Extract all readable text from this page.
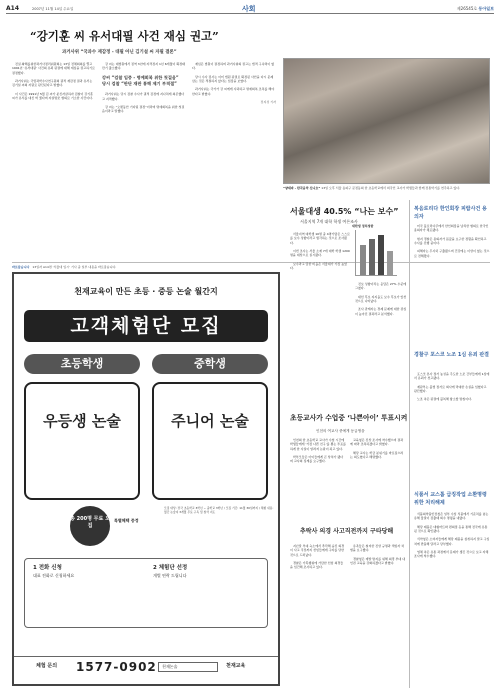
A14	2007년 11월 14일 수요일	사회	제26545호 동아일보
“강기훈 씨 유서대필 사건 재심 권고”
과거사위 “국과수 재감정 - 대필 아닌 김기설 씨 자필 결론”

진실·화해를위한과거사정리위원회는 13일 전체회의를 열고 1991년 ‘유서대필’ 사건의 유죄 판결에 대해 재심을 권고하기로 결정했다.

과거사위는 국립과학수사연구원의 필적 재감정 결과 유서는 김기설 씨의 자필로 판단된다고 밝혔다.

이 사건은 1991년 5월 김 씨가 분신자살하자 검찰이 강기훈 씨가 유서를 대신 써 줬다며 자살방조 혐의로 기소한 사건이다.

강 씨는 대법원에서 징역 3년에 자격정지 1년 6개월이 확정돼 만기 출소했다.

강씨 “검찰 입증 - 명예회복 위한 첫걸음”
당시 검찰 “판단 재판 통해 제기 부적절”

과거사위는 당시 검찰 수사가 필적 감정에 지나치게 의존했다고 지적했다.

강 씨는 “오랫동안 기다린 결정”이라며 명예회복을 위한 첫걸음이라고 말했다.

재심은 법원이 결정하며 과거사위의 권고는 법적 구속력이 없다.

당시 수사 검사는 이미 법원 판결로 확정된 사안을 다시 문제 삼는 것은 적절하지 않다는 입장을 보였다.

과거사위는 국가가 강 씨에게 사과하고 명예회복 조치를 해야 한다고 밝혔다.

전지성 기자
“양대파 - 한국음악 신나요” 13일 오후 서울 송파구 문정동의 한 초등학교에서 외국인 교사가 학생들과 함께 전통악기를 연주하고 있다.
바로잡습니다 13일자 A14면 ‘서울대 입시’ 기사 중 일부 내용을 바로잡습니다.
서울대생 40.5% “나는 보수”
서울지역 7개 대학 학생 여론조사
대학생 정치성향

서울지역 대학생 10명 중 4명가량은 스스로를 보수 성향이라고 생각하는 것으로 조사됐다.

이번 조사는 서울 소재 7개 대학 학생 1200명을 대상으로 실시됐다.

보수라고 답한 비율은 서울대가 가장 높았다.

진보 성향이라는 응답은 27% 수준에 그쳤다.

대선 후보 지지율도 보수 후보가 앞선 것으로 나타났다.

조사 관계자는 경제 문제에 대한 관심이 높아진 결과라고 분석했다.

복음로리다 한인회장 피랍사건 용의자

미국 플로리다주에서 한인회장을 납치한 혐의로 한국인 용의자가 체포됐다.

현지 경찰은 용의자가 몸값을 요구한 정황을 확인하고 수사를 진행 중이다.

피해자는 무사히 구출됐으며 건강에는 이상이 없는 것으로 전해졌다.

경찰구 포스코 노조 1심 유죄 판결

포스코 본사 점거 농성을 주도한 노조 간부들에게 1심에서 유죄가 선고됐다.

재판부는 불법 점거로 회사에 막대한 손실을 입혔다고 판단했다.

노조 측은 판결에 불복해 항소할 방침이다.

식품서 교스톱 급징작업 소환명령 위한 처리해제

식품의약품안전청은 일부 수입 식품에서 기준치를 넘는 유해 물질이 검출돼 회수 명령을 내렸다.

해당 제품은 대형마트와 편의점 등을 통해 전국에 유통된 것으로 확인됐다.

식약청은 소비자들에게 해당 제품을 섭취하지 말고 구입처에 반품해 달라고 당부했다.

업체 측은 유통 과정에서 문제가 생긴 것으로 보고 자체 조사에 착수했다.

초등교사가 수업중 ‘나쁜아이’ 투표시켜
인천의 여교사 중에게 동급생을

인천의 한 초등학교 교사가 수업 시간에 학생들에게 ‘가장 나쁜 친구’를 뽑는 투표를 하게 한 사실이 알려져 논란이 되고 있다.

학부모들은 아이들에게 큰 상처가 됐다며 교사의 징계를 요구했다.

교육청은 진상 조사에 착수했으며 결과에 따라 조치하겠다고 밝혔다.

해당 교사는 학급 분위기를 바로잡으려는 의도였다고 해명했다.

추락사 의경 사고직전까지 구타당해

지난달 부대 숙소에서 추락해 숨진 의경이 사고 직전까지 선임들에게 구타를 당한 것으로 드러났다.

경찰은 가혹행위에 가담한 선임 의경들을 입건해 조사하고 있다.

유족들은 철저한 진상 규명과 책임자 처벌을 요구했다.

경찰청은 재발 방지를 위해 의경 부대 내 인권 교육을 강화하겠다고 밝혔다.

천재교육이 만든 초등 · 중등 논술 월간지
고객체험단 모집
초등학생	중학생
우등생 논술	주니어 논술
총 200명 무료 모집
특별혜택 증정
모집 대상: 전국 초등학교 3학년 ~ 중학교 3학년 / 모집 기간: 11월 30일까지 / 체험 내용: 월간 논술지 3개월 무료 구독 및 첨삭 지도
1 전화 신청
대표 전화로 신청하세요
2 체험단 선정
개별 연락 드립니다
체험 문의 1577-0902	천재논술	천재교육
